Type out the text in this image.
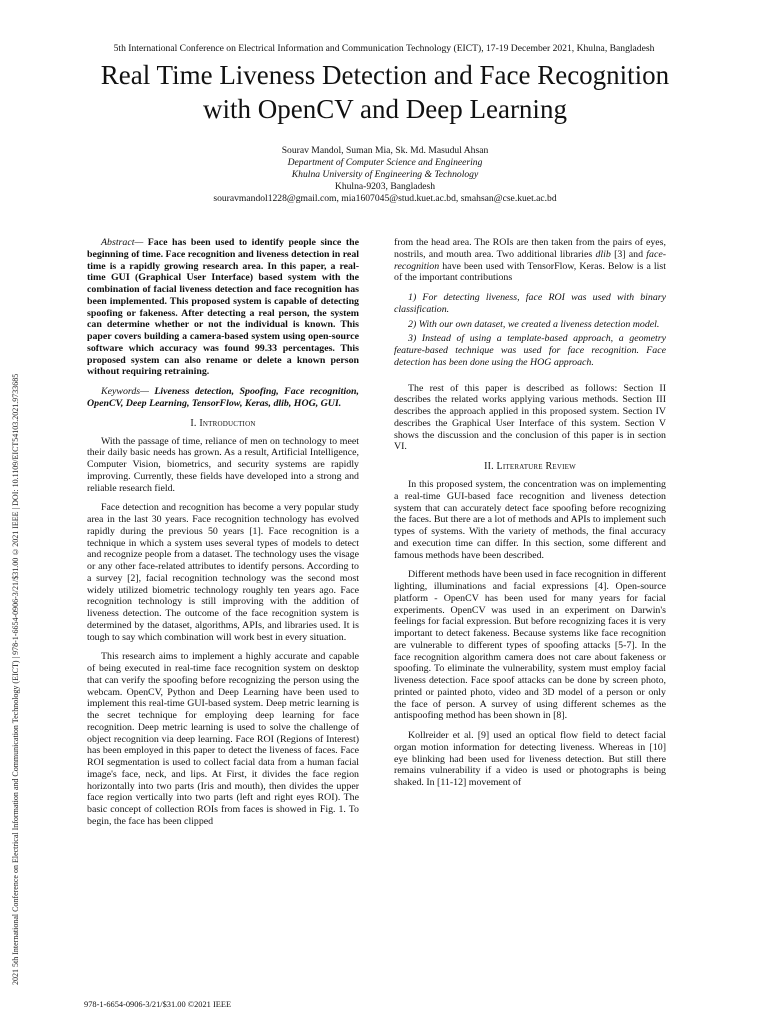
2021 5th International Conference on Electrical Information and Communication Technology (EICT) | 978-1-6654-0906-3/21/$31.00 ©2021 IEEE | DOI: 10.1109/EICT54103.2021.9733685
5th International Conference on Electrical Information and Communication Technology (EICT), 17-19 December 2021, Khulna, Bangladesh
Real Time Liveness Detection and Face Recognition
with OpenCV and Deep Learning
Sourav Mandol, Suman Mia, Sk. Md. Masudul Ahsan
Department of Computer Science and Engineering
Khulna University of Engineering & Technology
Khulna-9203, Bangladesh
souravmandol1228@gmail.com, mia1607045@stud.kuet.ac.bd, smahsan@cse.kuet.ac.bd

Abstract— Face has been used to identify people since the beginning of time. Face recognition and liveness detection in real time is a rapidly growing research area. In this paper, a real-time GUI (Graphical User Interface) based system with the combination of facial liveness detection and face recognition has been implemented. This proposed system is capable of detecting spoofing or fakeness. After detecting a real person, the system can determine whether or not the individual is known. This paper covers building a camera-based system using open-source software which accuracy was found 99.33 percentages. This proposed system can also rename or delete a known person without requiring retraining.

Keywords— Liveness detection, Spoofing, Face recognition, OpenCV, Deep Learning, TensorFlow, Keras, dlib, HOG, GUI.

I. Introduction

With the passage of time, reliance of men on technology to meet their daily basic needs has grown. As a result, Artificial Intelligence, Computer Vision, biometrics, and security systems are rapidly improving. Currently, these fields have developed into a strong and reliable research field.

Face detection and recognition has become a very popular study area in the last 30 years. Face recognition technology has evolved rapidly during the previous 50 years [1]. Face recognition is a technique in which a system uses several types of models to detect and recognize people from a dataset. The technology uses the visage or any other face-related attributes to identify persons. According to a survey [2], facial recognition technology was the second most widely utilized biometric technology roughly ten years ago. Face recognition technology is still improving with the addition of liveness detection. The outcome of the face recognition system is determined by the dataset, algorithms, APIs, and libraries used. It is tough to say which combination will work best in every situation.

This research aims to implement a highly accurate and capable of being executed in real-time face recognition system on desktop that can verify the spoofing before recognizing the person using the webcam. OpenCV, Python and Deep Learning have been used to implement this real-time GUI-based system. Deep metric learning is the secret technique for employing deep learning for face recognition. Deep metric learning is used to solve the challenge of object recognition via deep learning. Face ROI (Regions of Interest) has been employed in this paper to detect the liveness of faces. Face ROI segmentation is used to collect facial data from a human facial image's face, neck, and lips. At First, it divides the face region horizontally into two parts (Iris and mouth), then divides the upper face region vertically into two parts (left and right eyes ROI). The basic concept of collection ROIs from faces is showed in Fig. 1. To begin, the face has been clipped

from the head area. The ROIs are then taken from the pairs of eyes, nostrils, and mouth area. Two additional libraries dlib [3] and face-recognition have been used with TensorFlow, Keras. Below is a list of the important contributions

1) For detecting liveness, face ROI was used with binary classification.

2) With our own dataset, we created a liveness detection model.

3) Instead of using a template-based approach, a geometry feature-based technique was used for face recognition. Face detection has been done using the HOG approach.

The rest of this paper is described as follows: Section II describes the related works applying various methods. Section III describes the approach applied in this proposed system. Section IV describes the Graphical User Interface of this system. Section V shows the discussion and the conclusion of this paper is in section VI.

II. Literature Review

In this proposed system, the concentration was on implementing a real-time GUI-based face recognition and liveness detection system that can accurately detect face spoofing before recognizing the faces. But there are a lot of methods and APIs to implement such types of systems. With the variety of methods, the final accuracy and execution time can differ. In this section, some different and famous methods have been described.

Different methods have been used in face recognition in different lighting, illuminations and facial expressions [4]. Open-source platform - OpenCV has been used for many years for facial experiments. OpenCV was used in an experiment on Darwin's feelings for facial expression. But before recognizing faces it is very important to detect fakeness. Because systems like face recognition are vulnerable to different types of spoofing attacks [5-7]. In the face recognition algorithm camera does not care about fakeness or spoofing. To eliminate the vulnerability, system must employ facial liveness detection. Face spoof attacks can be done by screen photo, printed or painted photo, video and 3D model of a person or only the face of person. A survey of using different schemes as the antispoofing method has been shown in [8].

Kollreider et al. [9] used an optical flow field to detect facial organ motion information for detecting liveness. Whereas in [10] eye blinking had been used for liveness detection. But still there remains vulnerability if a video is used or photographs is being shaked. In [11-12] movement of

978-1-6654-0906-3/21/$31.00 ©2021 IEEE
